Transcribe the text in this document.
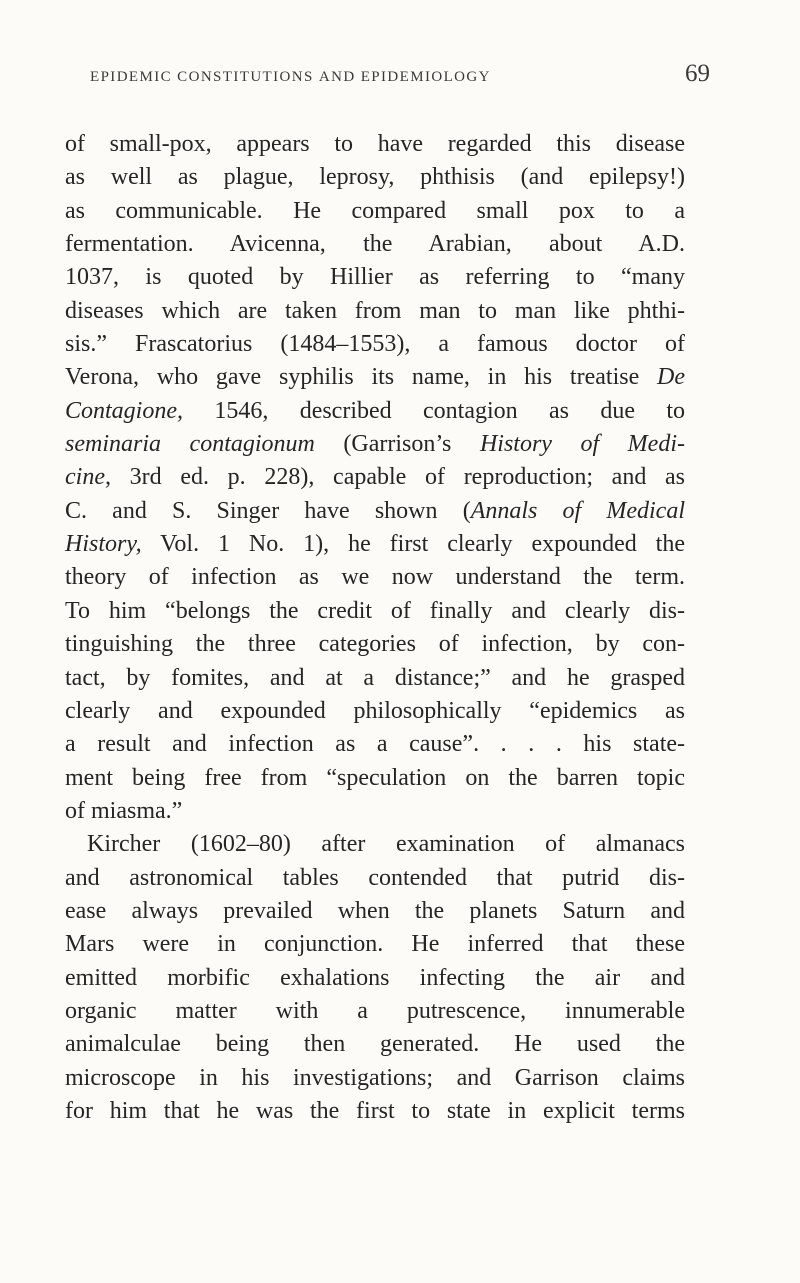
epidemic constitutions and epidemiology	69
of small-pox, appears to have regarded this disease
as well as plague, leprosy, phthisis (and epilepsy!)
as communicable. He compared small pox to a
fermentation. Avicenna, the Arabian, about A.D.
1037, is quoted by Hillier as referring to “many
diseases which are taken from man to man like phthi-
sis.” Frascatorius (1484–1553), a famous doctor of
Verona, who gave syphilis its name, in his treatise De
Contagione, 1546, described contagion as due to
seminaria contagionum (Garrison’s History of Medi-
cine, 3rd ed. p. 228), capable of reproduction; and as
C. and S. Singer have shown (Annals of Medical
History, Vol. 1 No. 1), he first clearly expounded the
theory of infection as we now understand the term.
To him “belongs the credit of finally and clearly dis-
tinguishing the three categories of infection, by con-
tact, by fomites, and at a distance;” and he grasped
clearly and expounded philosophically “epidemics as
a result and infection as a cause”. . . . his state-
ment being free from “speculation on the barren topic
of miasma.”
Kircher (1602–80) after examination of almanacs
and astronomical tables contended that putrid dis-
ease always prevailed when the planets Saturn and
Mars were in conjunction. He inferred that these
emitted morbific exhalations infecting the air and
organic matter with a putrescence, innumerable
animalculae being then generated. He used the
microscope in his investigations; and Garrison claims
for him that he was the first to state in explicit terms
